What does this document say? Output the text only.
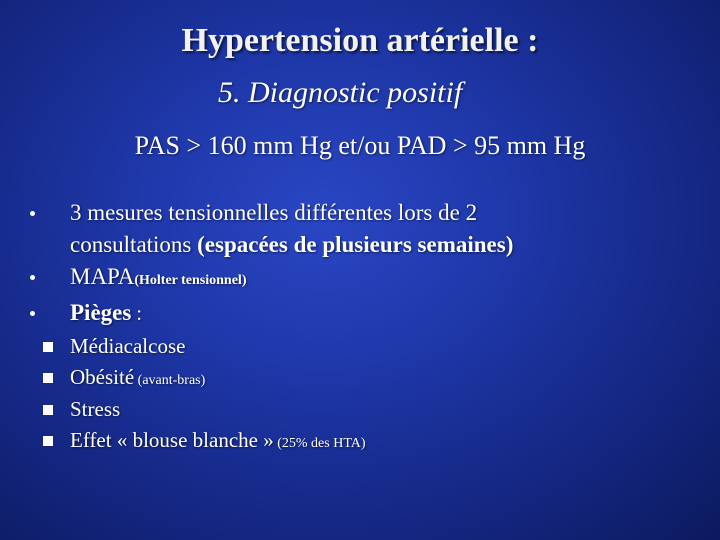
Hypertension artérielle :
5. Diagnostic positif
PAS > 160 mm Hg et/ou PAD > 95 mm Hg
3 mesures tensionnelles différentes lors de 2
consultations (espacées de plusieurs semaines)
MAPA(Holter tensionnel)
Pièges :
Médiacalcose
Obésité (avant-bras)
Stress
Effet « blouse blanche » (25% des HTA)
